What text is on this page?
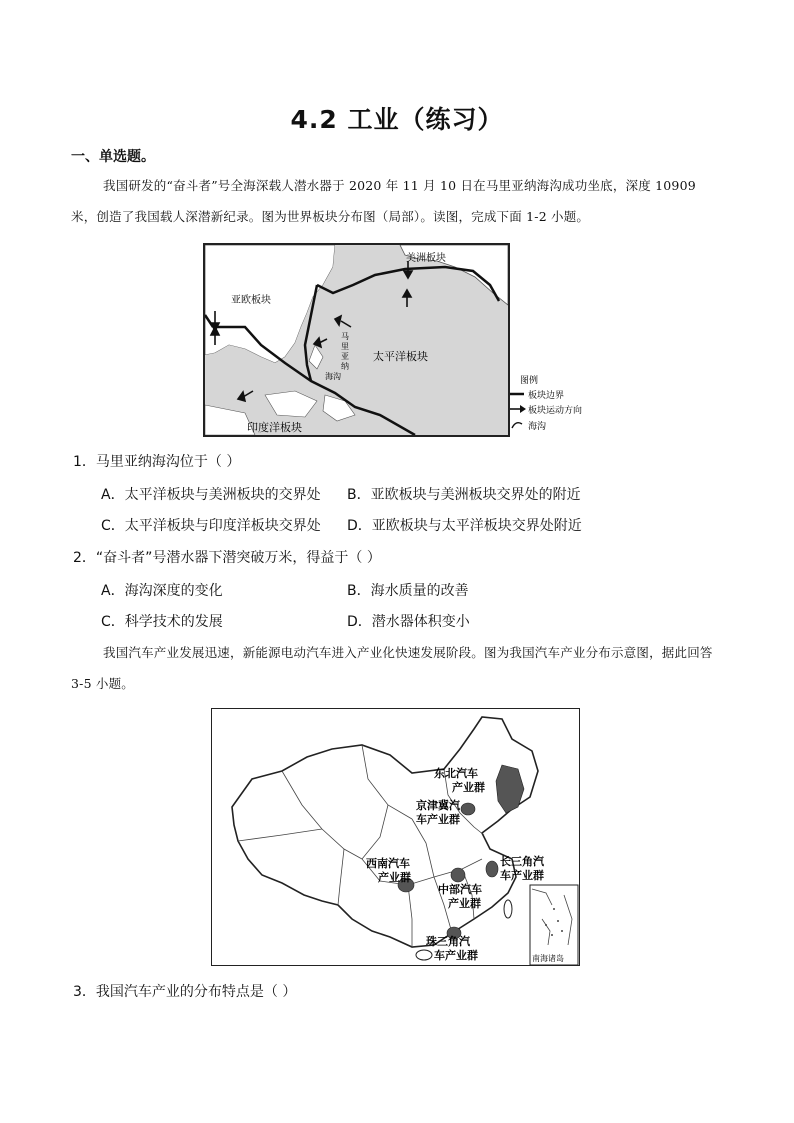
4.2 工业（练习）
一、单选题。
我国研发的“奋斗者”号全海深载人潜水器于 2020 年 11 月 10 日在马里亚纳海沟成功坐底，深度 10909 米，创造了我国载人深潜新纪录。图为世界板块分布图（局部）。读图，完成下面 1-2 小题。
美洲板块
亚欧板块
太平洋板块
印度洋板块
马
里
亚
纳
海沟	图例
板块边界
板块运动方向
海沟
1．马里亚纳海沟位于（ ）
A．太平洋板块与美洲板块的交界处 B．亚欧板块与美洲板块交界处的附近
C．太平洋板块与印度洋板块交界处 D．亚欧板块与太平洋板块交界处附近
2．“奋斗者”号潜水器下潜突破万米，得益于（ ）
A．海沟深度的变化	B．海水质量的改善
C．科学技术的发展	D．潜水器体积变小
我国汽车产业发展迅速，新能源电动汽车进入产业化快速发展阶段。图为我国汽车产业分布示意图，据此回答 3-5 小题。
东北汽车
产业群
京津冀汽
车产业群
长三角汽
车产业群
西南汽车
产业群
中部汽车
产业群
珠三角汽
车产业群	南海诸岛
3．我国汽车产业的分布特点是（ ）
